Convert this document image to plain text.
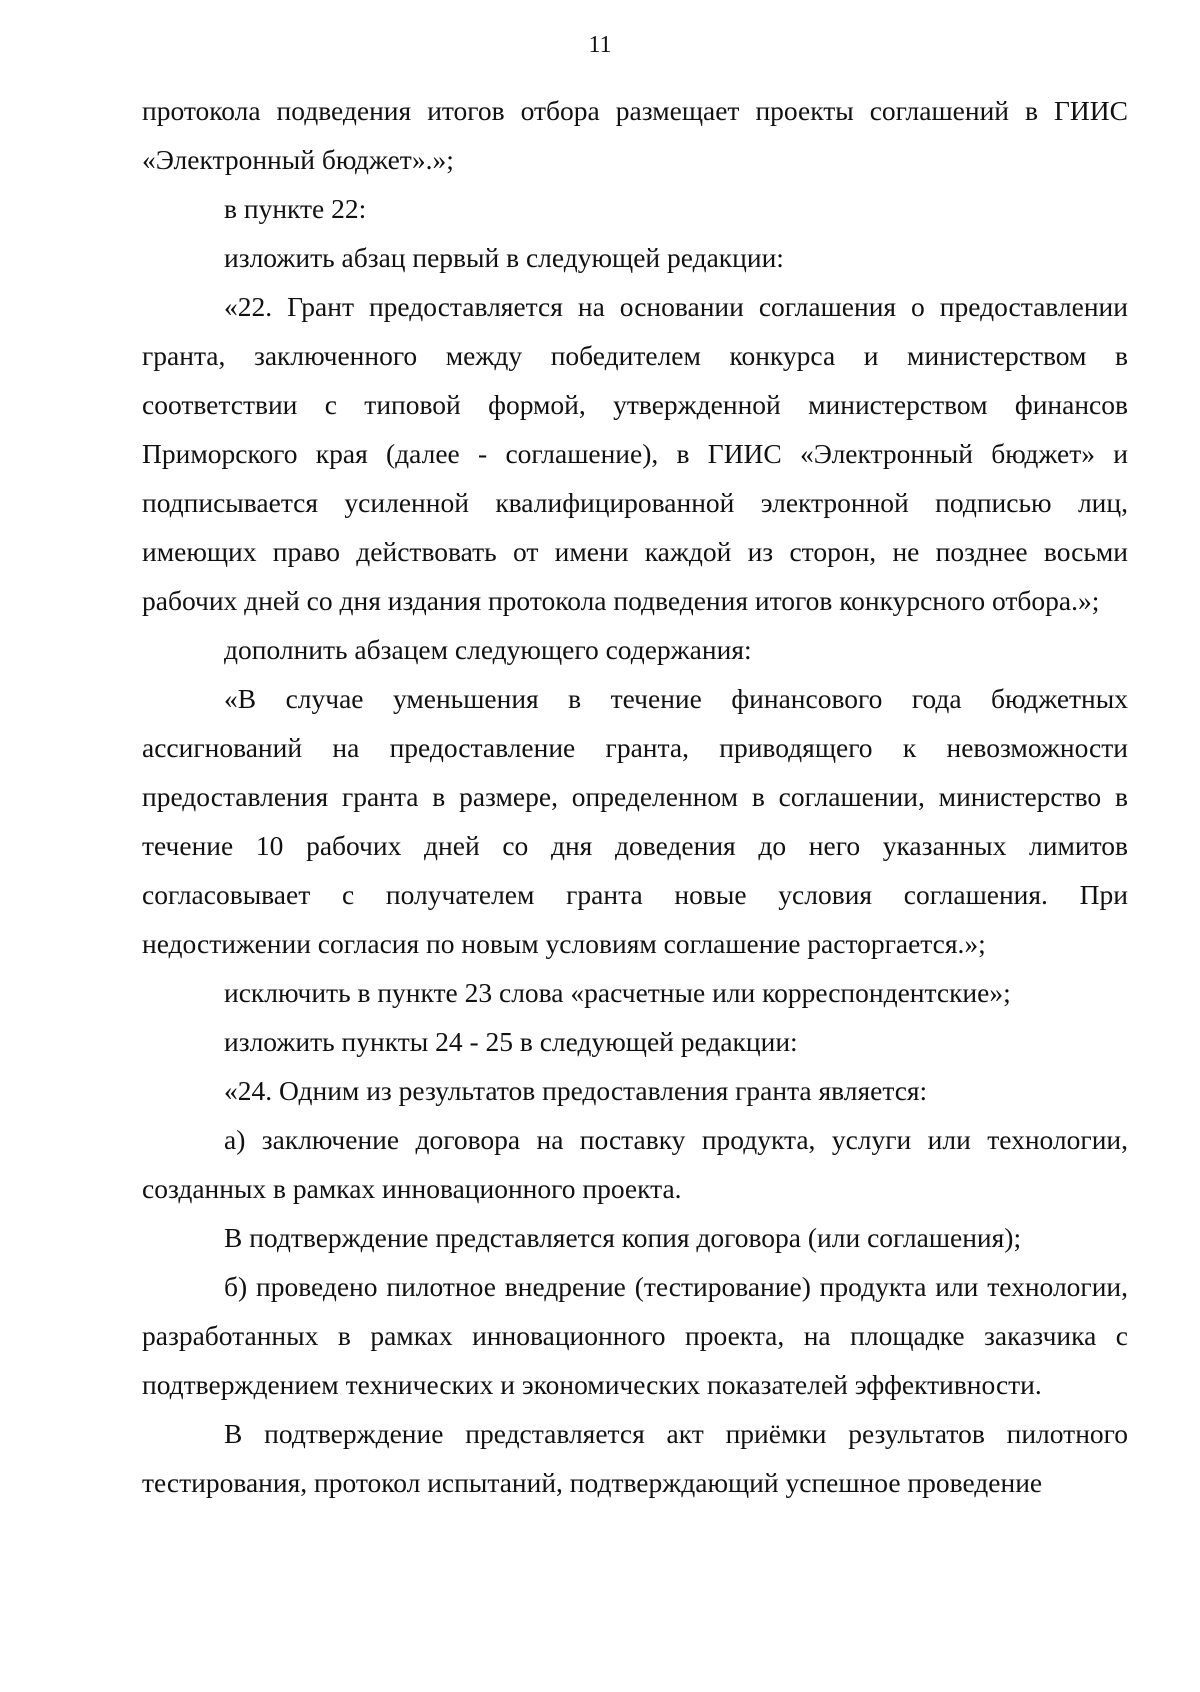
11

протокола подведения итогов отбора размещает проекты соглашений в ГИИС «Электронный бюджет».»;

в пункте 22:

изложить абзац первый в следующей редакции:

«22. Грант предоставляется на основании соглашения о предоставлении гранта, заключенного между победителем конкурса и министерством в соответствии с типовой формой, утвержденной министерством финансов Приморского края (далее - соглашение), в ГИИС «Электронный бюджет» и подписывается усиленной квалифицированной электронной подписью лиц, имеющих право действовать от имени каждой из сторон, не позднее восьми рабочих дней со дня издания протокола подведения итогов конкурсного отбора.»;

дополнить абзацем следующего содержания:

«В случае уменьшения в течение финансового года бюджетных ассигнований на предоставление гранта, приводящего к невозможности предоставления гранта в размере, определенном в соглашении, министерство в течение 10 рабочих дней со дня доведения до него указанных лимитов согласовывает с получателем гранта новые условия соглашения. При недостижении согласия по новым условиям соглашение расторгается.»;

исключить в пункте 23 слова «расчетные или корреспондентские»;

изложить пункты 24 - 25 в следующей редакции:

«24. Одним из результатов предоставления гранта является:

а) заключение договора на поставку продукта, услуги или технологии, созданных в рамках инновационного проекта.

В подтверждение представляется копия договора (или соглашения);

б) проведено пилотное внедрение (тестирование) продукта или технологии, разработанных в рамках инновационного проекта, на площадке заказчика с подтверждением технических и экономических показателей эффективности.

В подтверждение представляется акт приёмки результатов пилотного тестирования, протокол испытаний, подтверждающий успешное проведение
